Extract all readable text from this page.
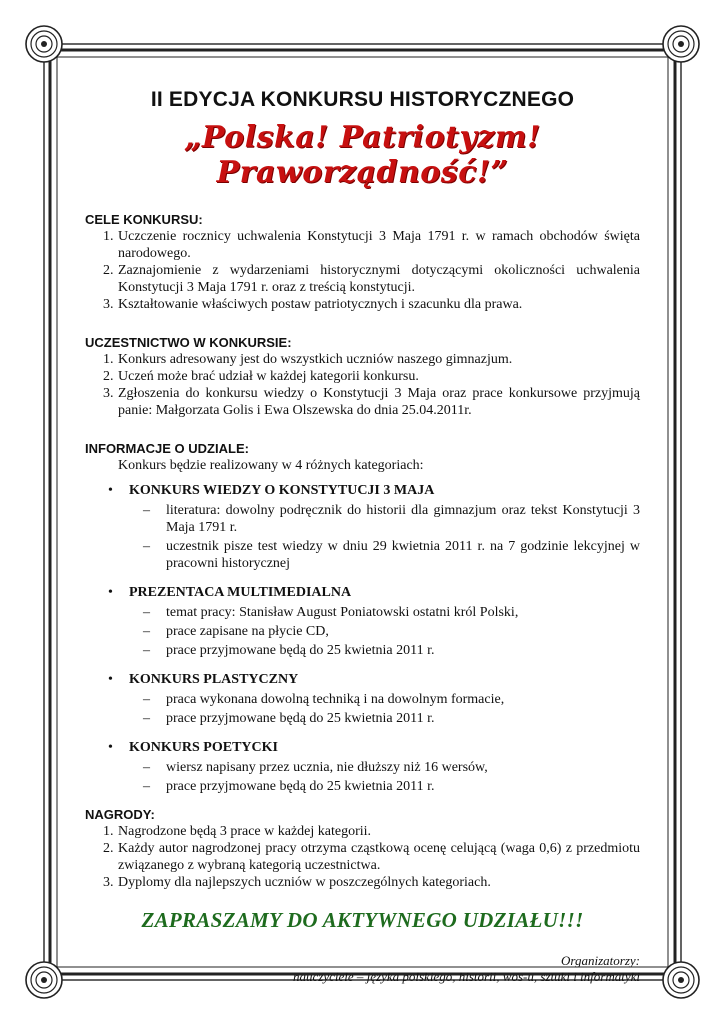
II EDYCJA KONKURSU HISTORYCZNEGO
„Polska! Patriotyzm! Praworządność!”

CELE KONKURSU:

1. Uczczenie rocznicy uchwalenia Konstytucji 3 Maja 1791 r. w ramach obchodów święta narodowego.
2. Zaznajomienie z wydarzeniami historycznymi dotyczącymi okoliczności uchwalenia Konstytucji 3 Maja 1791 r. oraz z treścią konstytucji.
3. Kształtowanie właściwych postaw patriotycznych i szacunku dla prawa.

UCZESTNICTWO W KONKURSIE:

1. Konkurs adresowany jest do wszystkich uczniów naszego gimnazjum.
2. Uczeń może brać udział w każdej kategorii konkursu.
3. Zgłoszenia do konkursu wiedzy o Konstytucji 3 Maja oraz prace konkursowe przyjmują panie: Małgorzata Golis i Ewa Olszewska do dnia 25.04.2011r.

INFORMACJE O UDZIALE:

Konkurs będzie realizowany w 4 różnych kategoriach:
• KONKURS WIEDZY O KONSTYTUCJI 3 MAJA
– literatura: dowolny podręcznik do historii dla gimnazjum oraz tekst Konstytucji 3 Maja 1791 r.
– uczestnik pisze test wiedzy w dniu 29 kwietnia 2011 r. na 7 godzinie lekcyjnej w pracowni historycznej
• PREZENTACA MULTIMEDIALNA
– temat pracy: Stanisław August Poniatowski ostatni król Polski,
– prace zapisane na płycie CD,
– prace przyjmowane będą do 25 kwietnia 2011 r.
• KONKURS PLASTYCZNY
– praca wykonana dowolną techniką i na dowolnym formacie,
– prace przyjmowane będą do 25 kwietnia 2011 r.
• KONKURS POETYCKI
– wiersz napisany przez ucznia, nie dłuższy niż 16 wersów,
– prace przyjmowane będą do 25 kwietnia 2011 r.

NAGRODY:

1. Nagrodzone będą 3 prace w każdej kategorii.
2. Każdy autor nagrodzonej pracy otrzyma cząstkową ocenę celującą (waga 0,6) z przedmiotu związanego z wybraną kategorią uczestnictwa.
3. Dyplomy dla najlepszych uczniów w poszczególnych kategoriach.
ZAPRASZAMY DO AKTYWNEGO UDZIAŁU!!!
Organizatorzy:
nauczyciele – języka polskiego, historii, wos-u, sztuki i informatyki
